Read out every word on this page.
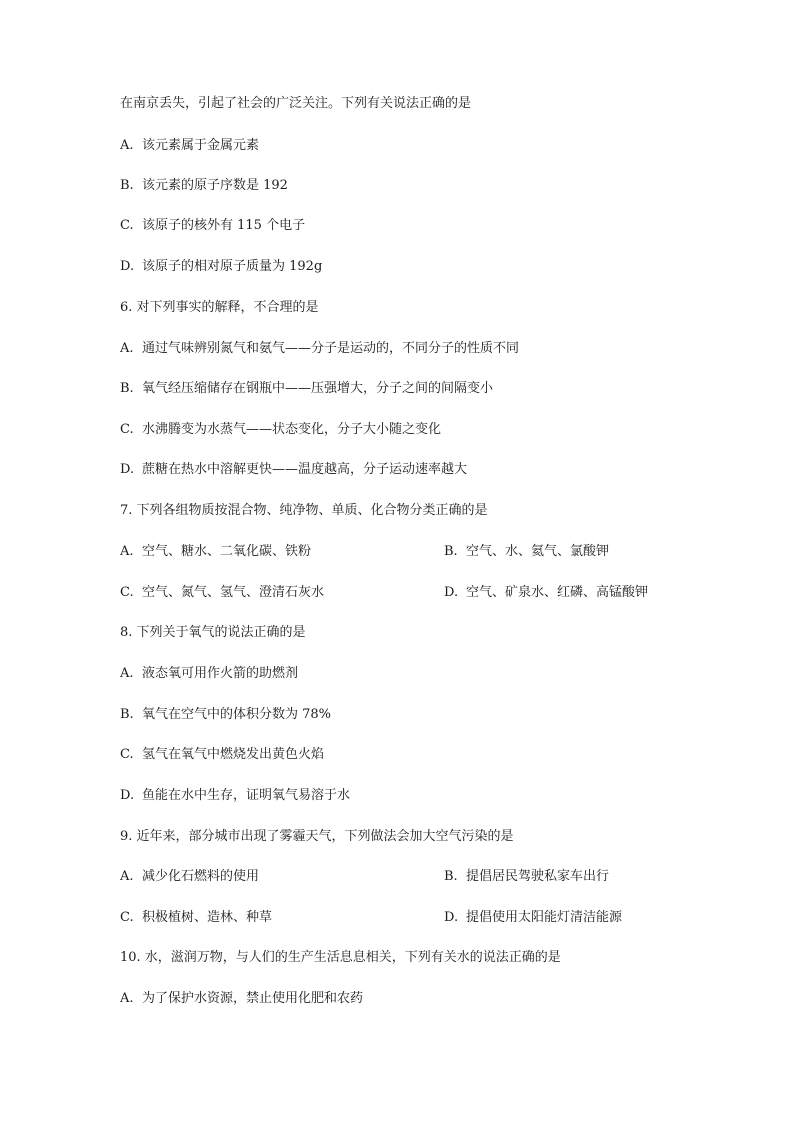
在南京丢失，引起了社会的广泛关注。下列有关说法正确的是
A. 该元素属于金属元素
B. 该元素的原子序数是 192
C. 该原子的核外有 115 个电子
D. 该原子的相对原子质量为 192g
6. 对下列事实的解释，不合理的是
A. 通过气味辨别氮气和氨气——分子是运动的，不同分子的性质不同
B. 氧气经压缩储存在钢瓶中——压强增大，分子之间的间隔变小
C. 水沸腾变为水蒸气——状态变化，分子大小随之变化
D. 蔗糖在热水中溶解更快——温度越高，分子运动速率越大
7. 下列各组物质按混合物、纯净物、单质、化合物分类正确的是
A. 空气、糖水、二氧化碳、铁粉	B. 空气、水、氦气、氯酸钾
C. 空气、氮气、氢气、澄清石灰水	D. 空气、矿泉水、红磷、高锰酸钾
8. 下列关于氧气的说法正确的是
A. 液态氧可用作火箭的助燃剂
B. 氧气在空气中的体积分数为 78%
C. 氢气在氧气中燃烧发出黄色火焰
D. 鱼能在水中生存，证明氧气易溶于水
9. 近年来，部分城市出现了雾霾天气，下列做法会加大空气污染的是
A. 减少化石燃料的使用	B. 提倡居民驾驶私家车出行
C. 积极植树、造林、种草	D. 提倡使用太阳能灯清洁能源
10. 水，滋润万物，与人们的生产生活息息相关，下列有关水的说法正确的是
A. 为了保护水资源，禁止使用化肥和农药
